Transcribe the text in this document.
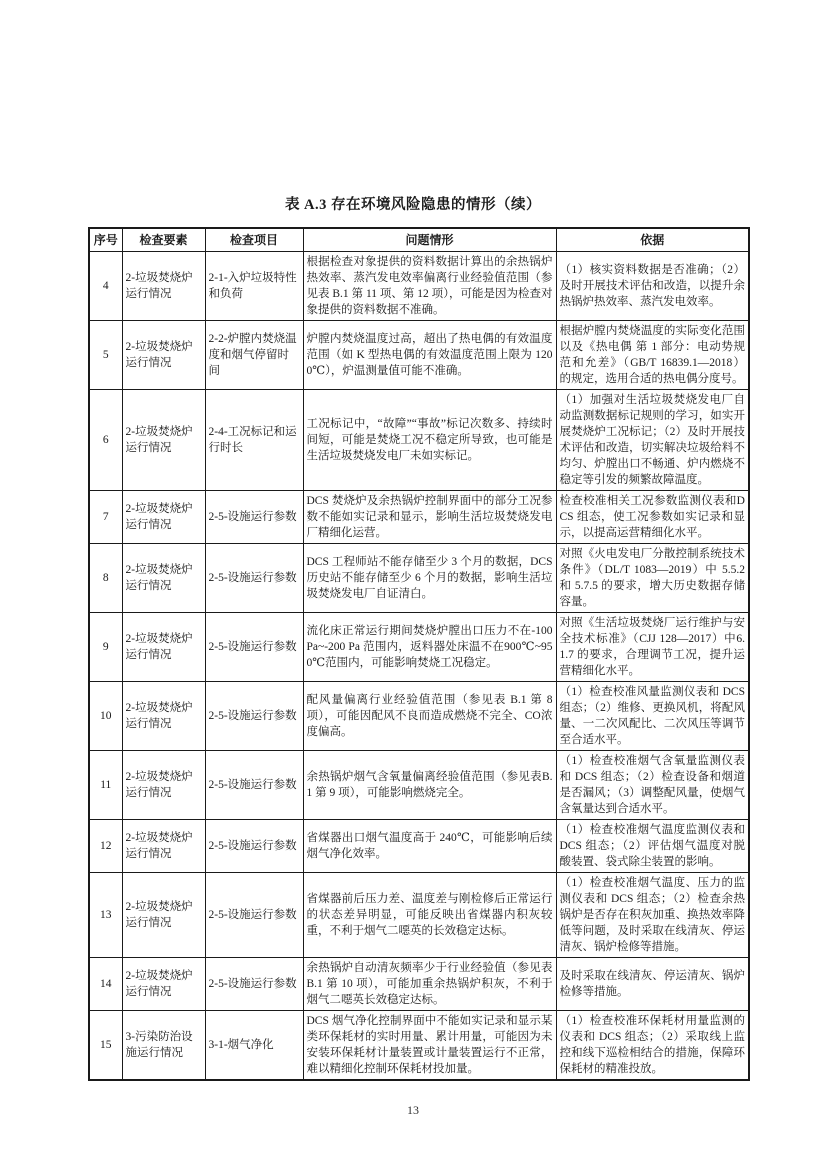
表 A.3 存在环境风险隐患的情形（续）
序号	检查要素	检查项目	问题情形	依据
4	2-垃圾焚烧炉运行情况	2-1-入炉垃圾特性和负荷	根据检查对象提供的资料数据计算出的余热锅炉热效率、蒸汽发电效率偏离行业经验值范围（参见表 B.1 第 11 项、第 12 项），可能是因为检查对象提供的资料数据不准确。	（1）核实资料数据是否准确；（2）及时开展技术评估和改造，以提升余热锅炉热效率、蒸汽发电效率。
5	2-垃圾焚烧炉运行情况	2-2-炉膛内焚烧温度和烟气停留时间	炉膛内焚烧温度过高，超出了热电偶的有效温度范围（如 K 型热电偶的有效温度范围上限为 1200℃），炉温测量值可能不准确。	根据炉膛内焚烧温度的实际变化范围以及《热电偶 第 1 部分：电动势规范和允差》（GB/T 16839.1—2018）的规定，选用合适的热电偶分度号。
6	2-垃圾焚烧炉运行情况	2-4-工况标记和运行时长	工况标记中，“故障”“事故”标记次数多、持续时间短，可能是焚烧工况不稳定所导致，也可能是生活垃圾焚烧发电厂未如实标记。	（1）加强对生活垃圾焚烧发电厂自动监测数据标记规则的学习，如实开展焚烧炉工况标记；（2）及时开展技术评估和改造，切实解决垃圾给料不均匀、炉膛出口不畅通、炉内燃烧不稳定等引发的频繁故障温度。
7	2-垃圾焚烧炉运行情况	2-5-设施运行参数	DCS 焚烧炉及余热锅炉控制界面中的部分工况参数不能如实记录和显示，影响生活垃圾焚烧发电厂精细化运营。	检查校准相关工况参数监测仪表和DCS 组态，使工况参数如实记录和显示，以提高运营精细化水平。
8	2-垃圾焚烧炉运行情况	2-5-设施运行参数	DCS 工程师站不能存储至少 3 个月的数据，DCS 历史站不能存储至少 6 个月的数据，影响生活垃圾焚烧发电厂自证清白。	对照《火电发电厂分散控制系统技术条件》（DL/T 1083—2019）中 5.5.2 和 5.7.5 的要求，增大历史数据存储容量。
9	2-垃圾焚烧炉运行情况	2-5-设施运行参数	流化床正常运行期间焚烧炉膛出口压力不在-100 Pa~-200 Pa 范围内，返料器处床温不在900℃~950℃范围内，可能影响焚烧工况稳定。	对照《生活垃圾焚烧厂运行维护与安全技术标准》（CJJ 128—2017）中6.1.7 的要求，合理调节工况，提升运营精细化水平。
10	2-垃圾焚烧炉运行情况	2-5-设施运行参数	配风量偏离行业经验值范围（参见表 B.1 第 8 项），可能因配风不良而造成燃烧不完全、CO浓度偏高。	（1）检查校准风量监测仪表和 DCS组态；（2）维修、更换风机，将配风量、一二次风配比、二次风压等调节至合适水平。
11	2-垃圾焚烧炉运行情况	2-5-设施运行参数	余热锅炉烟气含氧量偏离经验值范围（参见表B.1 第 9 项），可能影响燃烧完全。	（1）检查校准烟气含氧量监测仪表和 DCS 组态；（2）检查设备和烟道是否漏风；（3）调整配风量，使烟气含氧量达到合适水平。
12	2-垃圾焚烧炉运行情况	2-5-设施运行参数	省煤器出口烟气温度高于 240℃，可能影响后续烟气净化效率。	（1）检查校准烟气温度监测仪表和DCS 组态；（2）评估烟气温度对脱酸装置、袋式除尘装置的影响。
13	2-垃圾焚烧炉运行情况	2-5-设施运行参数	省煤器前后压力差、温度差与刚检修后正常运行的状态差异明显，可能反映出省煤器内积灰较重，不利于烟气二噁英的长效稳定达标。	（1）检查校准烟气温度、压力的监测仪表和 DCS 组态；（2）检查余热锅炉是否存在积灰加重、换热效率降低等问题，及时采取在线清灰、停运清灰、锅炉检修等措施。
14	2-垃圾焚烧炉运行情况	2-5-设施运行参数	余热锅炉自动清灰频率少于行业经验值（参见表 B.1 第 10 项），可能加重余热锅炉积灰，不利于烟气二噁英长效稳定达标。	及时采取在线清灰、停运清灰、锅炉检修等措施。
15	3-污染防治设施运行情况	3-1-烟气净化	DCS 烟气净化控制界面中不能如实记录和显示某类环保耗材的实时用量、累计用量，可能因为未安装环保耗材计量装置或计量装置运行不正常，难以精细化控制环保耗材投加量。	（1）检查校准环保耗材用量监测的仪表和 DCS 组态；（2）采取线上监控和线下巡检相结合的措施，保障环保耗材的精准投放。
13
